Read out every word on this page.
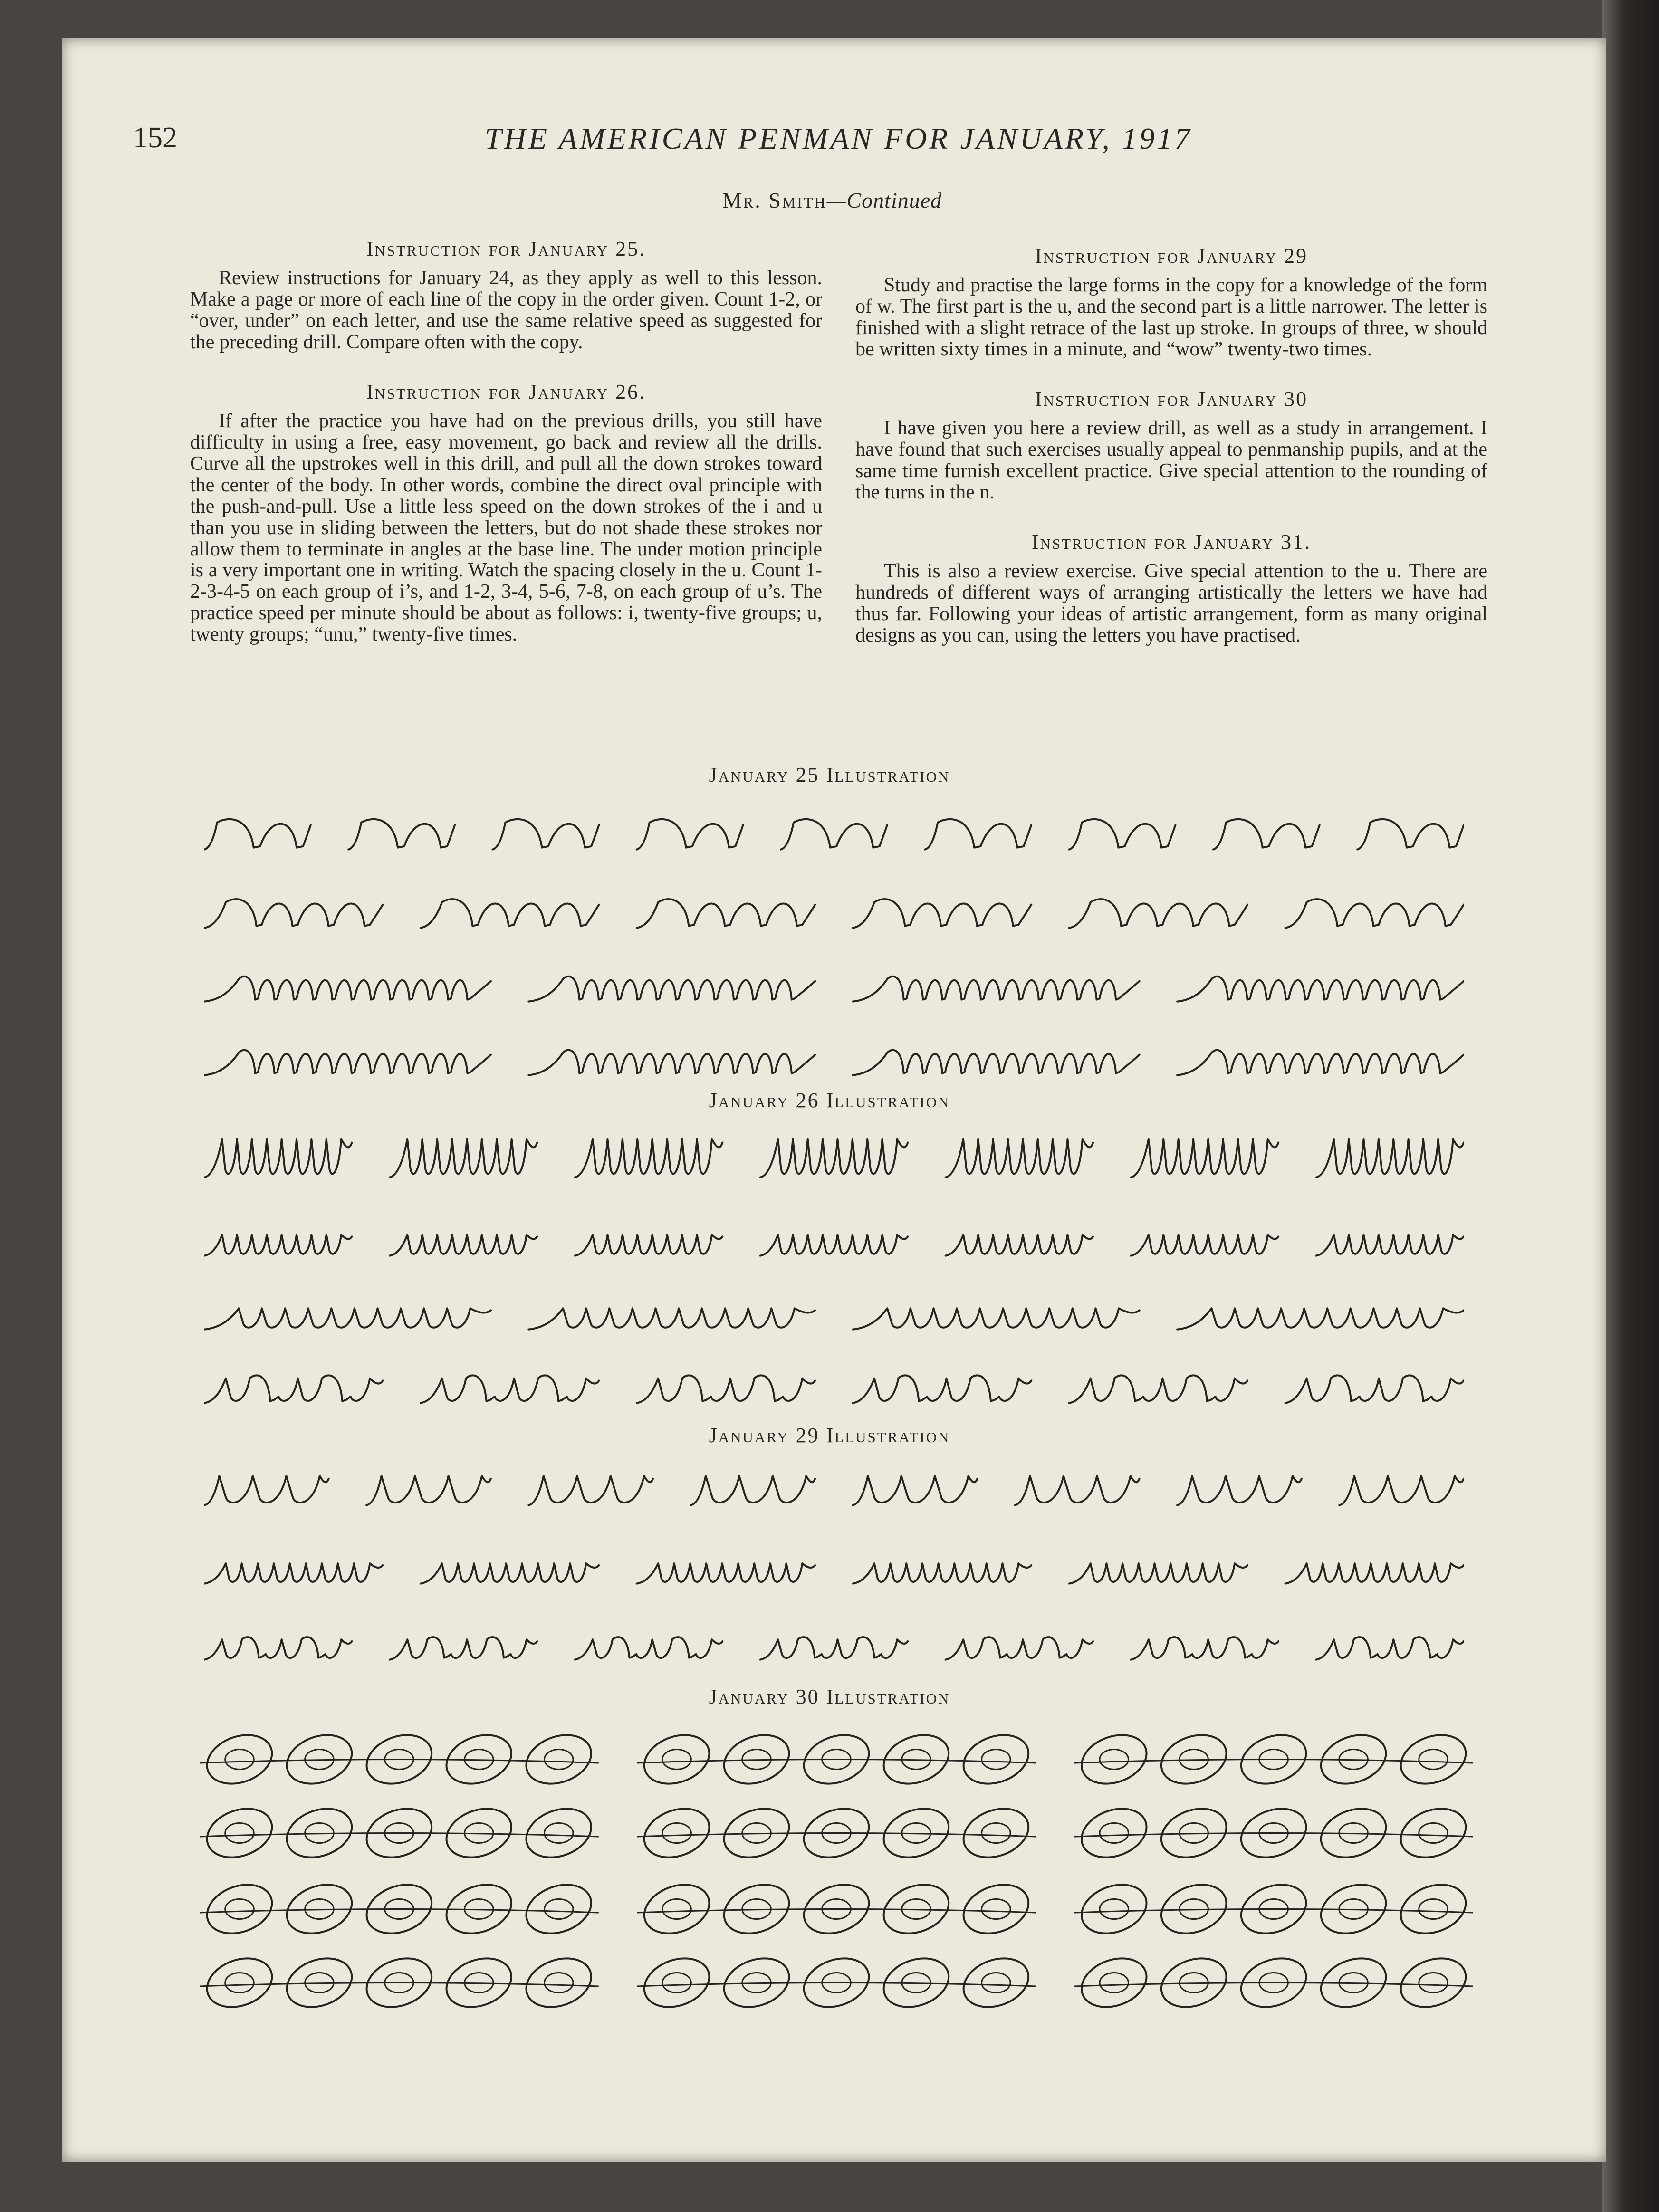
152	THE AMERICAN PENMAN FOR JANUARY, 1917
Mr. Smith—Continued
Instruction for January 25.
Review instructions for January 24, as they apply as well to this lesson. Make a page or more of each line of the copy in the order given. Count 1-2, or “over, under” on each letter, and use the same relative speed as suggested for the preceding drill. Compare often with the copy.
Instruction for January 26.
If after the practice you have had on the previous drills, you still have difficulty in using a free, easy movement, go back and review all the drills. Curve all the upstrokes well in this drill, and pull all the down strokes toward the center of the body. In other words, combine the direct oval principle with the push-and-pull. Use a little less speed on the down strokes of the i and u than you use in sliding between the letters, but do not shade these strokes nor allow them to terminate in angles at the base line. The under motion principle is a very important one in writing. Watch the spacing closely in the u. Count 1-2-3-4-5 on each group of i’s, and 1-2, 3-4, 5-6, 7-8, on each group of u’s. The practice speed per minute should be about as follows: i, twenty-five groups; u, twenty groups; “unu,” twenty-five times.
Instruction for January 29
Study and practise the large forms in the copy for a knowledge of the form of w. The first part is the u, and the second part is a little narrower. The letter is finished with a slight retrace of the last up stroke. In groups of three, w should be written sixty times in a minute, and “wow” twenty-two times.
Instruction for January 30
I have given you here a review drill, as well as a study in arrangement. I have found that such exercises usually appeal to penmanship pupils, and at the same time furnish excellent practice. Give special attention to the rounding of the turns in the n.
Instruction for January 31.
This is also a review exercise. Give special attention to the u. There are hundreds of different ways of arranging artistically the letters we have had thus far. Following your ideas of artistic arrangement, form as many original designs as you can, using the letters you have practised.
January 25 Illustration
January 26 Illustration
January 29 Illustration
January 30 Illustration
